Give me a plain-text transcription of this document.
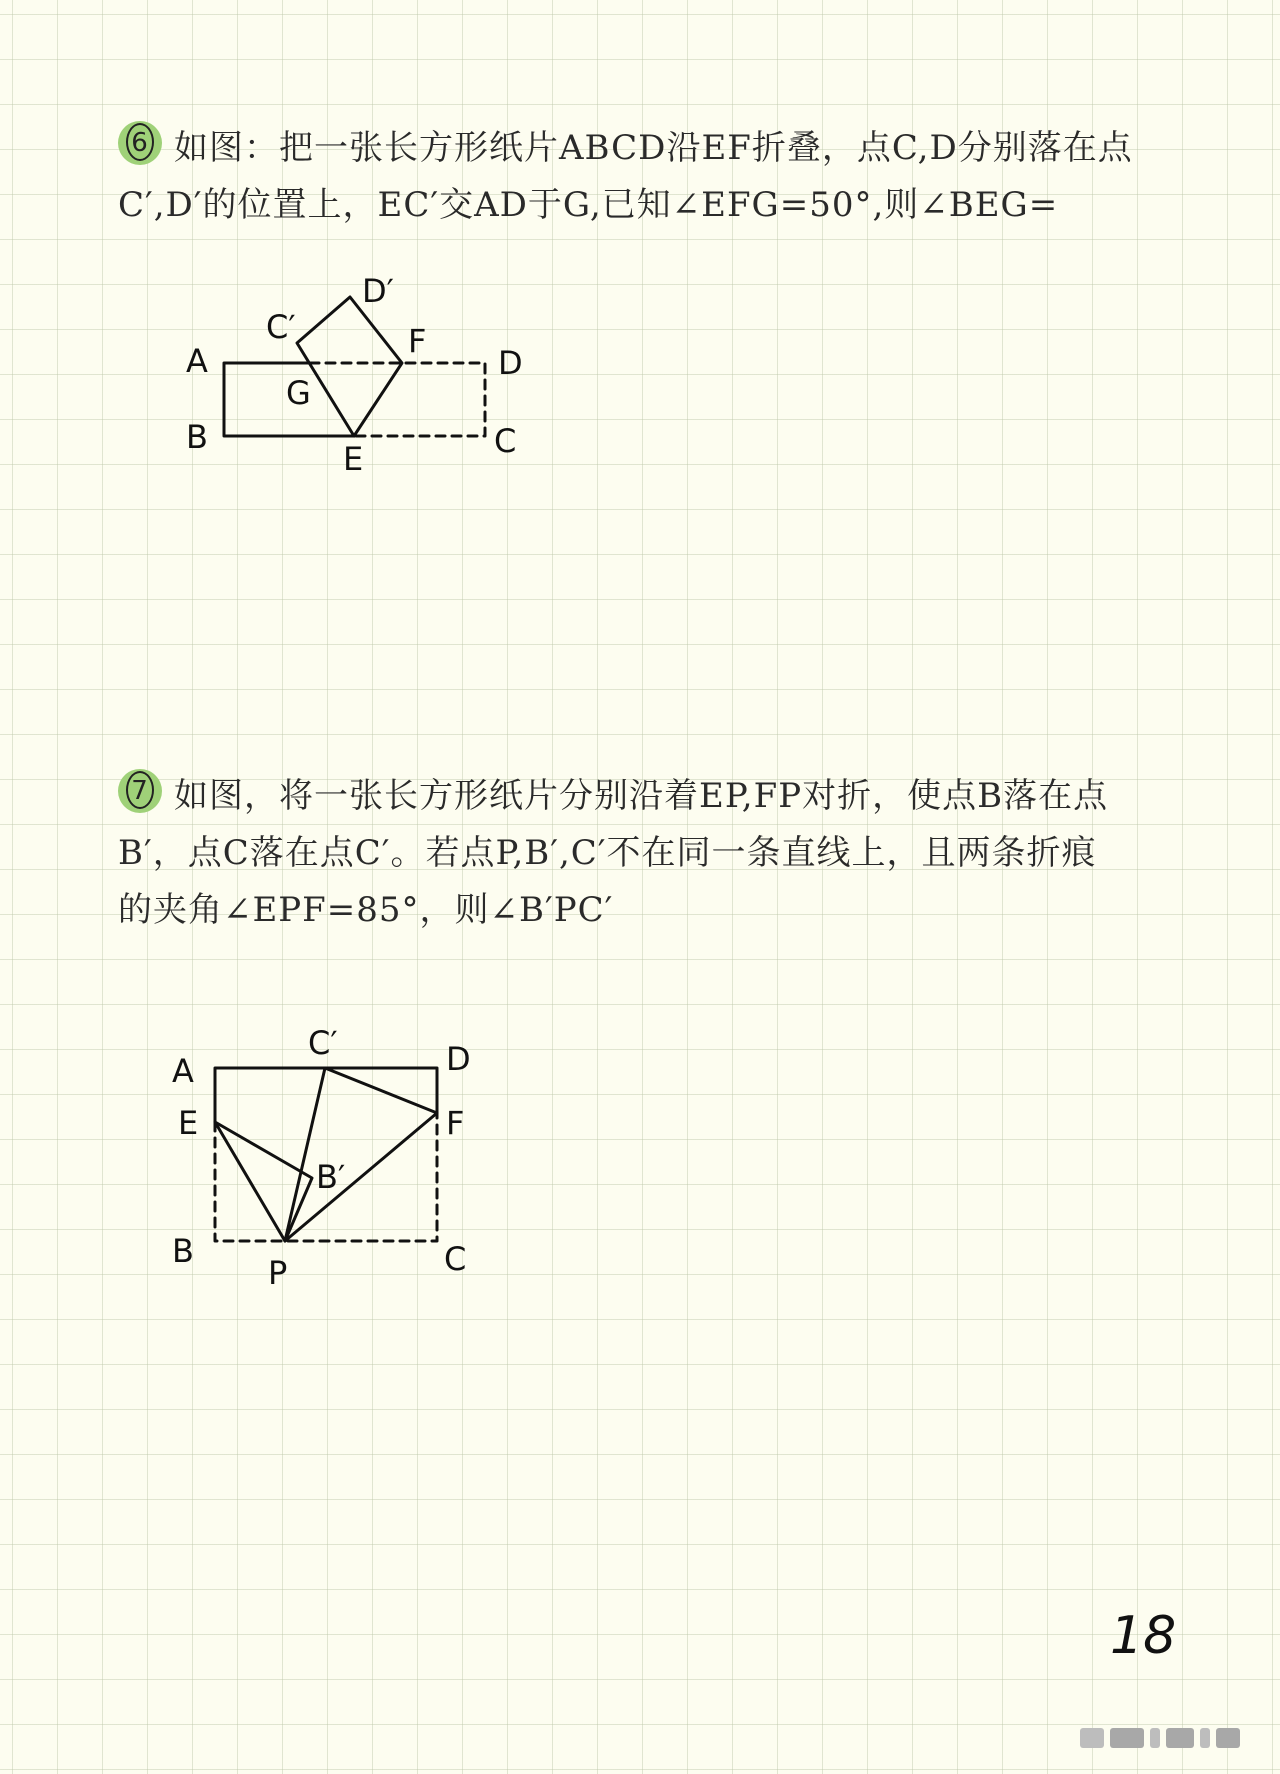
6 如图：把一张长方形纸片ABCD沿EF折叠，点C,D分别落在点
C′,D′的位置上，EC′交AD于G,已知∠EFG=50°,则∠BEG=
A
B	C
D
E
F
G
C′
D′
7 如图，将一张长方形纸片分别沿着EP,FP对折，使点B落在点
B′，点C落在点C′。若点P,B′,C′不在同一条直线上，且两条折痕
的夹角∠EPF=85°，则∠B′PC′
A
B	C
D
E	F
P
B′
C′
18
